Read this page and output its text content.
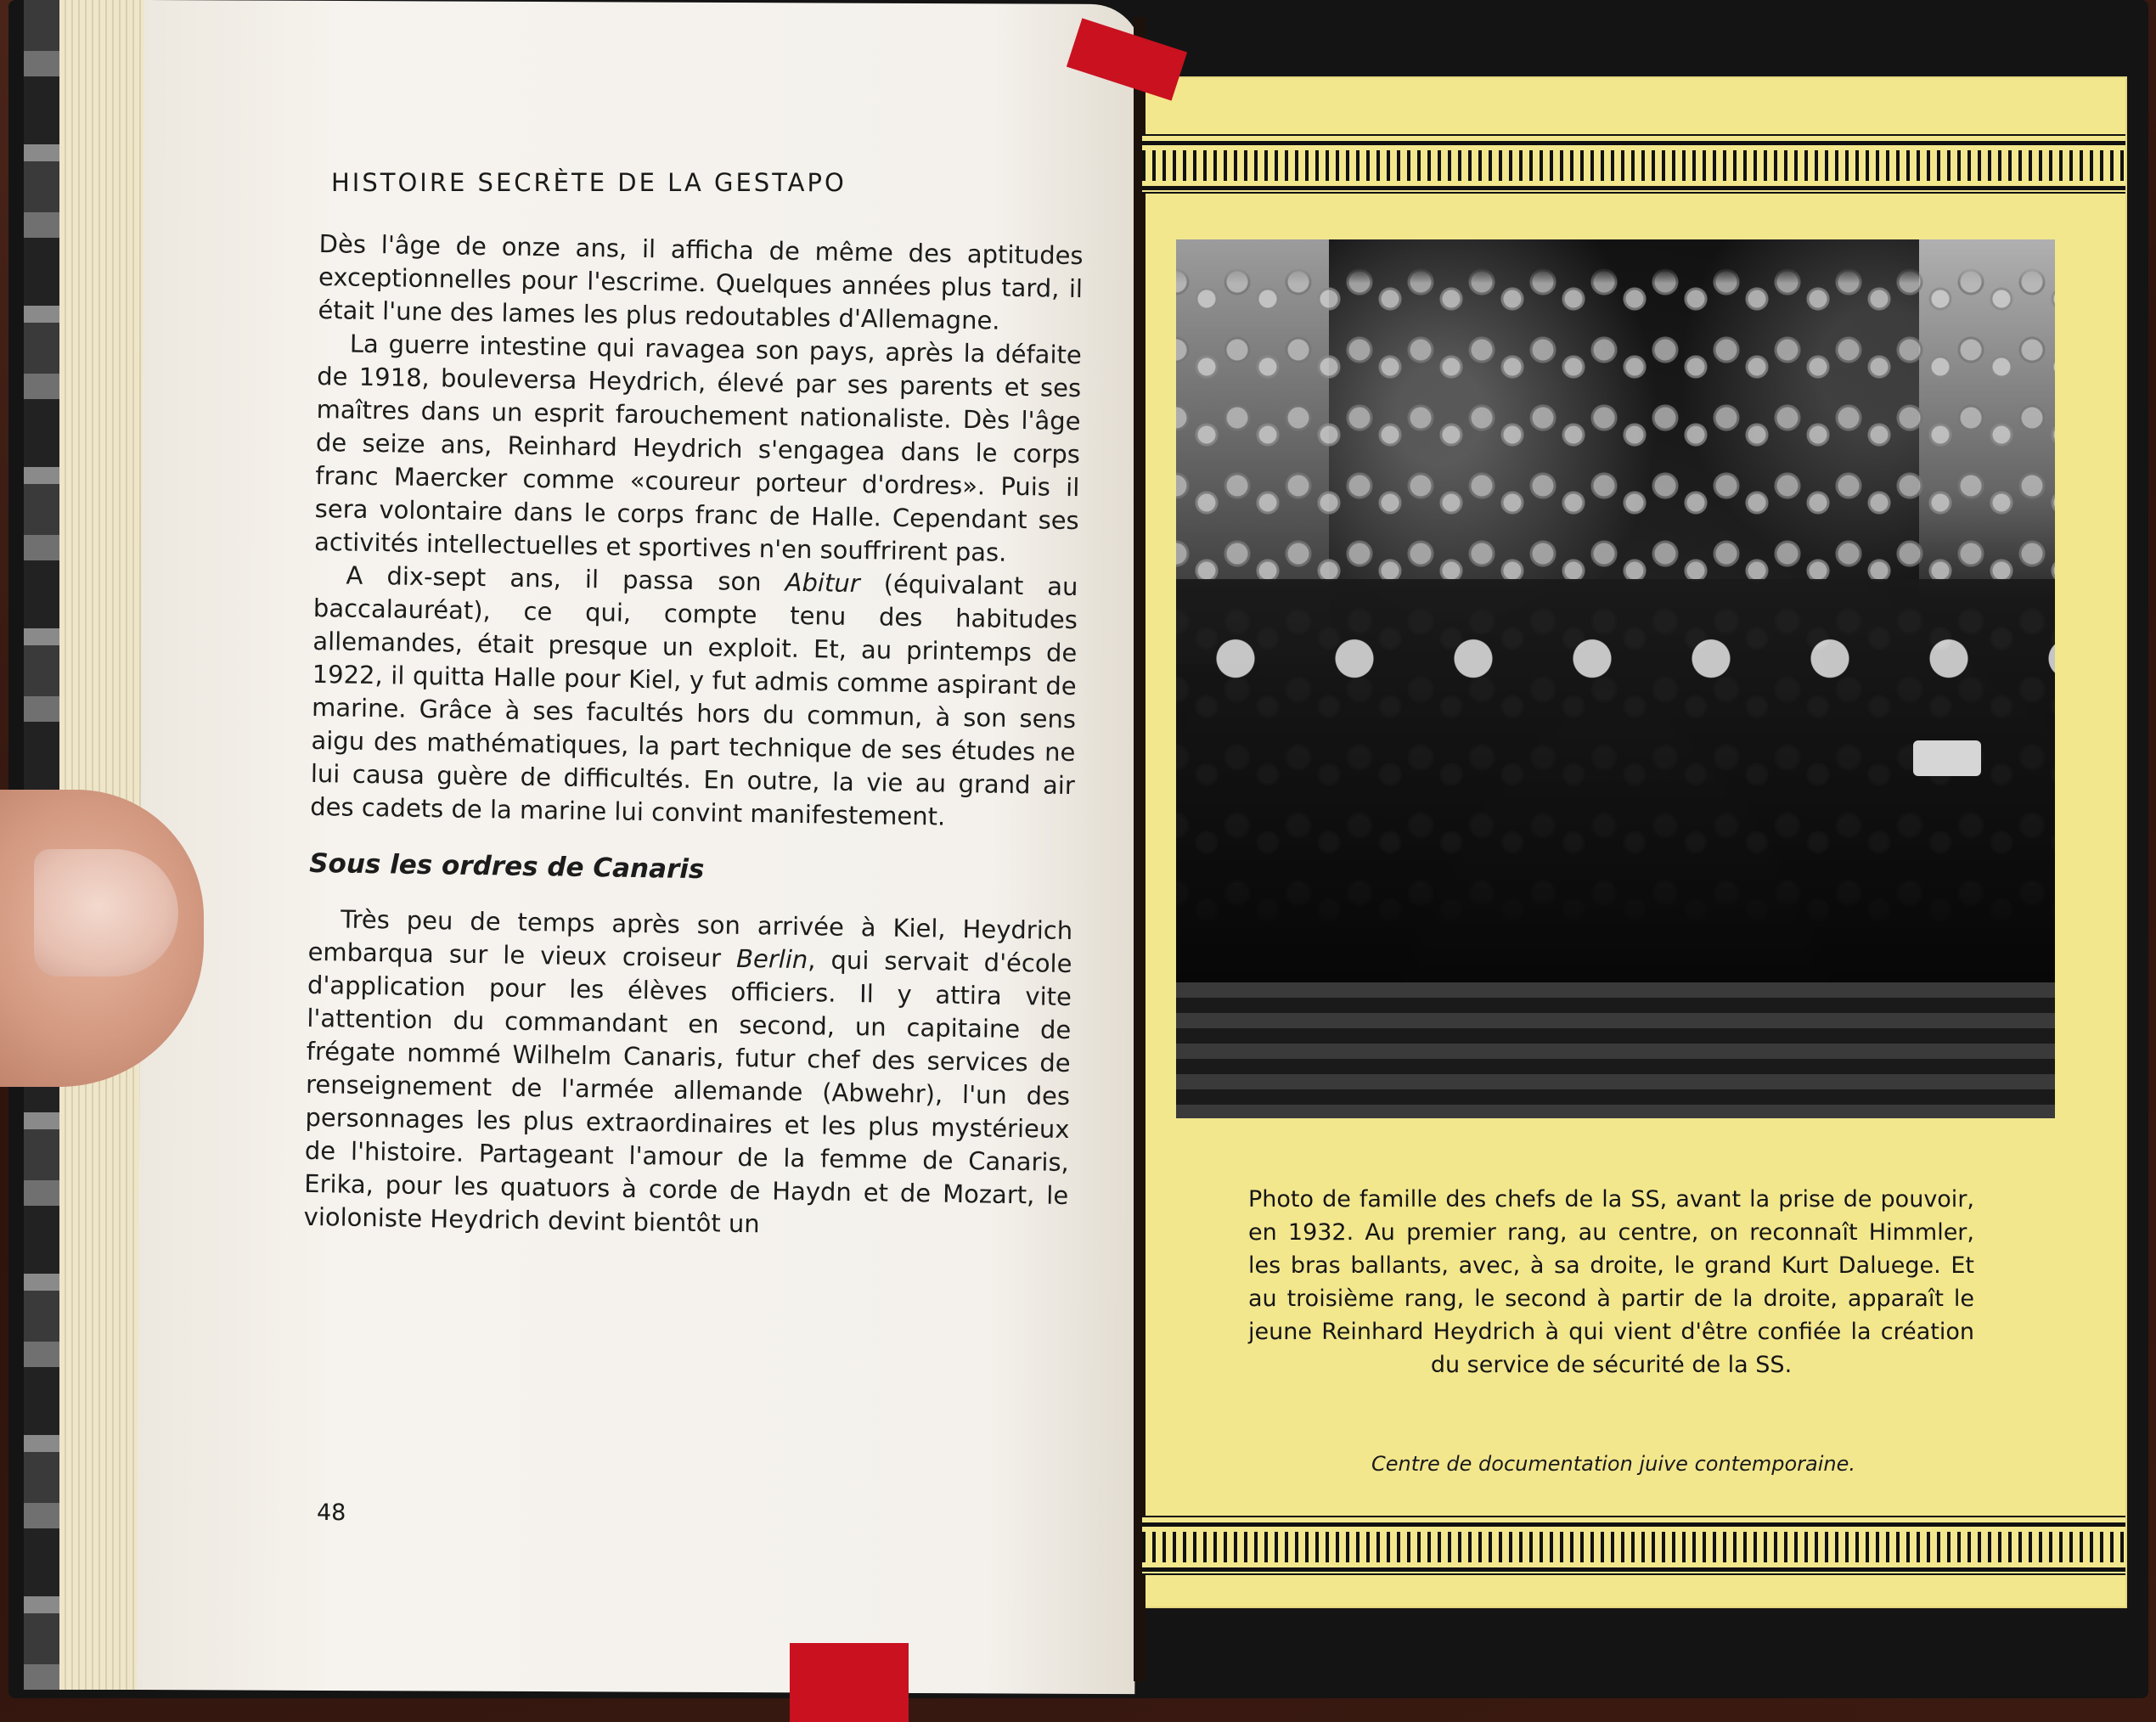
HISTOIRE SECRÈTE DE LA GESTAPO

Dès l'âge de onze ans, il afficha de même des aptitudes exceptionnelles pour l'escrime. Quelques années plus tard, il était l'une des lames les plus redoutables d'Allemagne.

La guerre intestine qui ravagea son pays, après la défaite de 1918, bouleversa Heydrich, élevé par ses parents et ses maîtres dans un esprit farouchement nationaliste. Dès l'âge de seize ans, Reinhard Heydrich s'engagea dans le corps franc Maercker comme «coureur porteur d'ordres». Puis il sera volontaire dans le corps franc de Halle. Cependant ses activités intellectuelles et sportives n'en souffrirent pas.

A dix-sept ans, il passa son Abitur (équivalant au baccalauréat), ce qui, compte tenu des habitudes allemandes, était presque un exploit. Et, au printemps de 1922, il quitta Halle pour Kiel, y fut admis comme aspirant de marine. Grâce à ses facultés hors du commun, à son sens aigu des mathématiques, la part technique de ses études ne lui causa guère de difficultés. En outre, la vie au grand air des cadets de la marine lui convint manifestement.

Sous les ordres de Canaris

Très peu de temps après son arrivée à Kiel, Heydrich embarqua sur le vieux croiseur Berlin, qui servait d'école d'application pour les élèves officiers. Il y attira vite l'attention du commandant en second, un capitaine de frégate nommé Wilhelm Canaris, futur chef des services de renseignement de l'armée allemande (Abwehr), l'un des personnages les plus extraordinaires et les plus mystérieux de l'histoire. Partageant l'amour de la femme de Canaris, Erika, pour les quatuors à corde de Haydn et de Mozart, le violoniste Heydrich devint bientôt un

48

Photo de famille des chefs de la SS, avant la prise de pouvoir, en 1932. Au premier rang, au centre, on reconnaît Himmler, les bras ballants, avec, à sa droite, le grand Kurt Daluege. Et au troisième rang, le second à partir de la droite, apparaît le jeune Reinhard Heydrich à qui vient d'être confiée la création du service de sécurité de la SS.

Centre de documentation juive contemporaine.
